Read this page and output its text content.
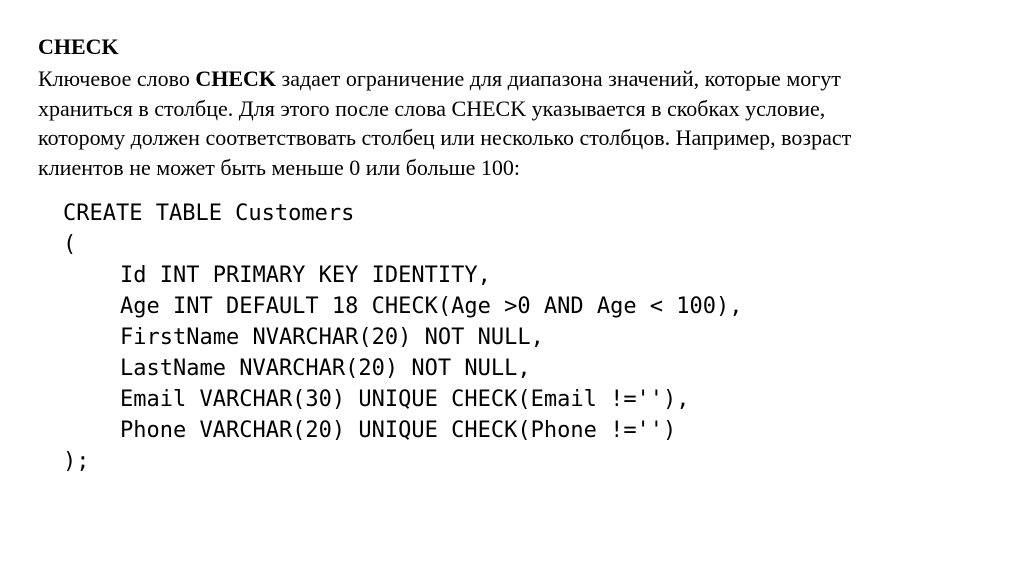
CHECK

Ключевое слово CHECK задает ограничение для диапазона значений, которые могут
храниться в столбце. Для этого после слова CHECK указывается в скобках условие,
которому должен соответствовать столбец или несколько столбцов. Например, возраст
клиентов не может быть меньше 0 или больше 100:

CREATE TABLE Customers
(
Id INT PRIMARY KEY IDENTITY,
Age INT DEFAULT 18 CHECK(Age >0 AND Age < 100),
FirstName NVARCHAR(20) NOT NULL,
LastName NVARCHAR(20) NOT NULL,
Email VARCHAR(30) UNIQUE CHECK(Email !=''),
Phone VARCHAR(20) UNIQUE CHECK(Phone !='')
);
